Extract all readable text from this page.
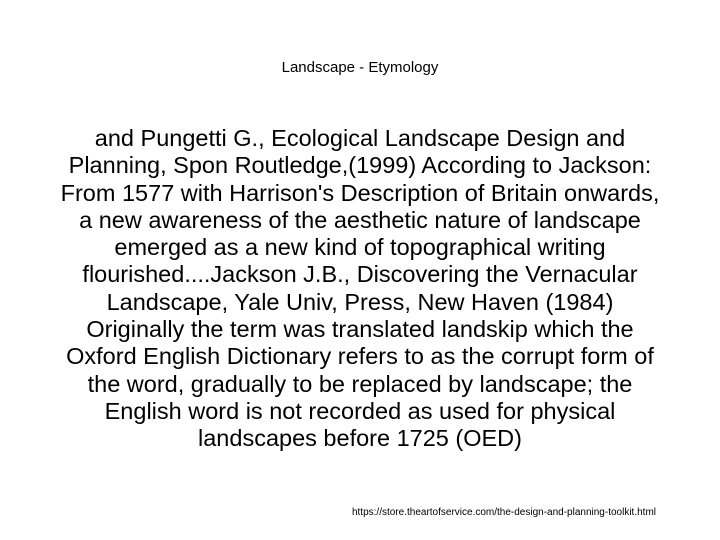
Landscape - Etymology
and Pungetti G., Ecological Landscape Design and Planning, Spon Routledge,(1999) According to Jackson: From 1577 with Harrison's Description of Britain onwards, a new awareness of the aesthetic nature of landscape emerged as a new kind of topographical writing flourished....Jackson J.B., Discovering the Vernacular Landscape, Yale Univ, Press, New Haven (1984) Originally the term was translated landskip which the Oxford English Dictionary refers to as the corrupt form of the word, gradually to be replaced by landscape; the English word is not recorded as used for physical landscapes before 1725 (OED)
https://store.theartofservice.com/the-design-and-planning-toolkit.html
